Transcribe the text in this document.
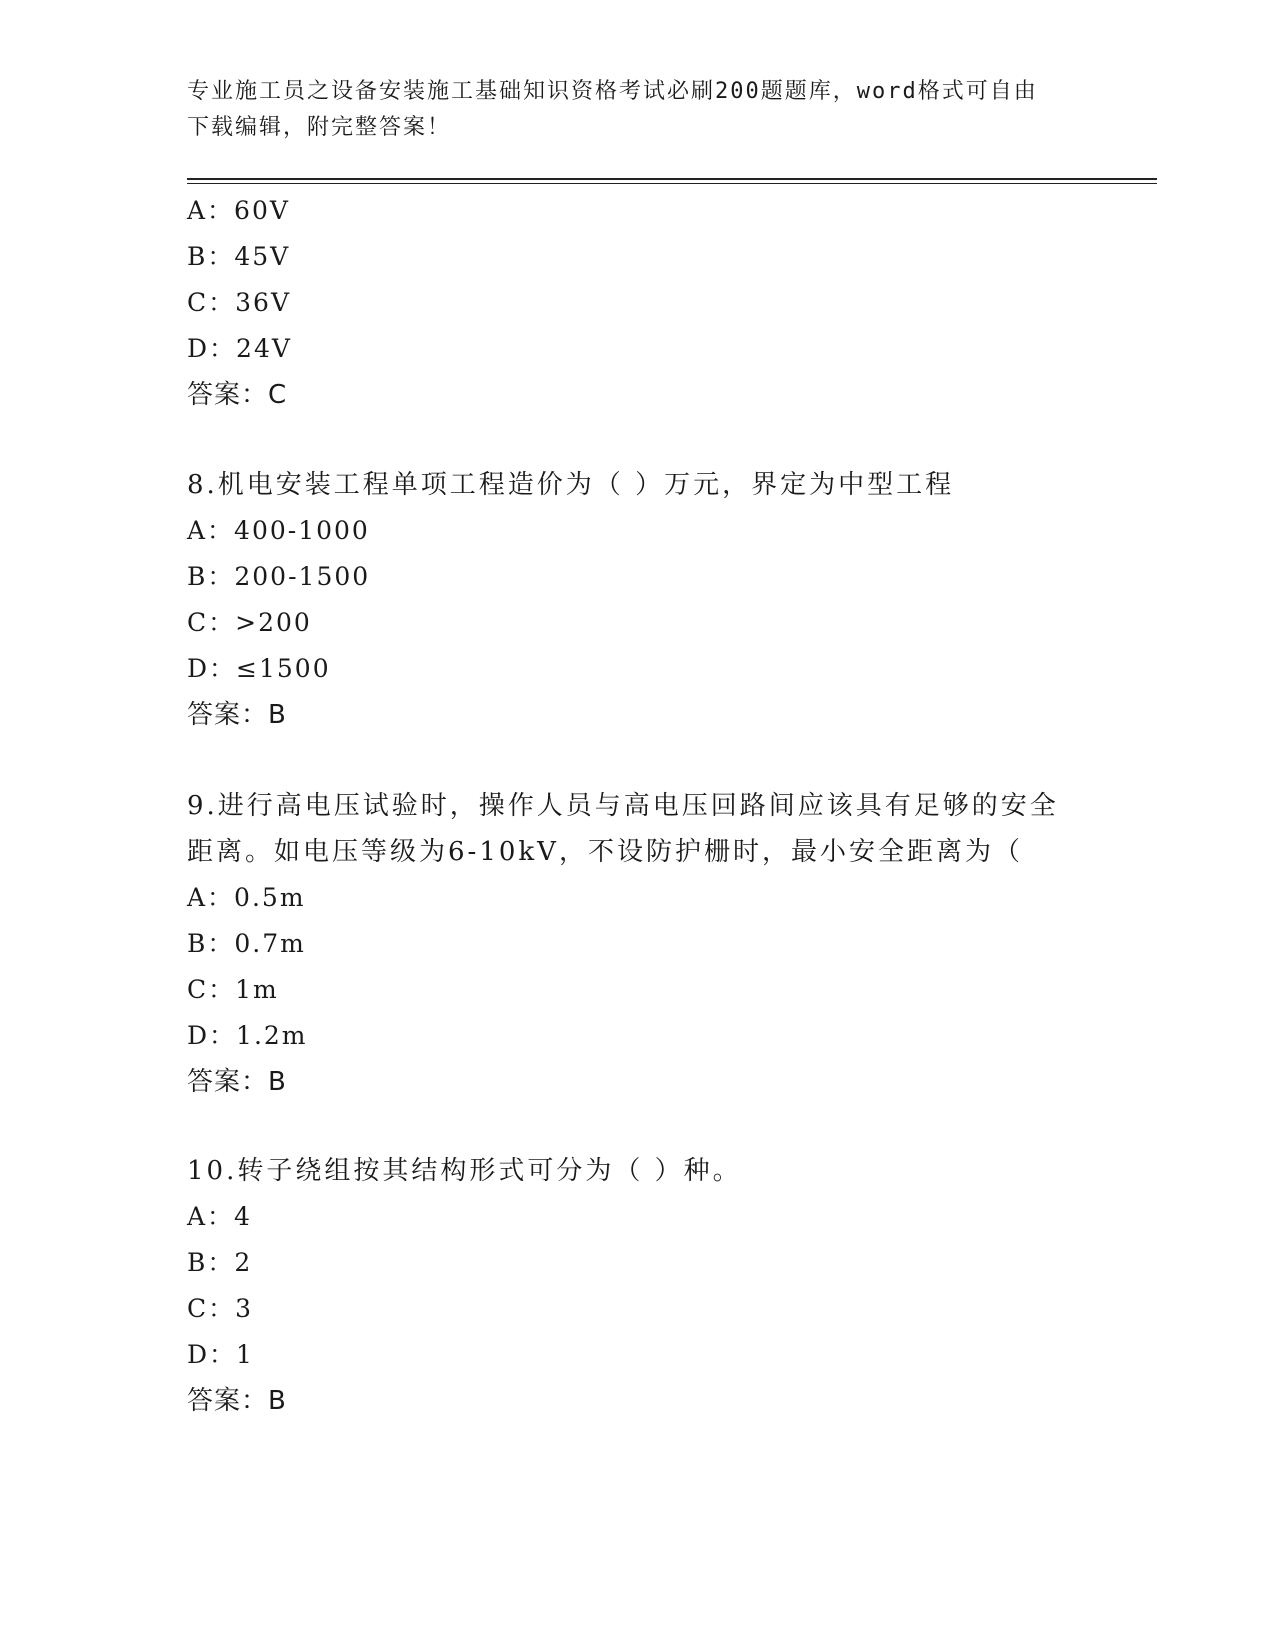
专业施工员之设备安装施工基础知识资格考试必刷200题题库，word格式可自由
下载编辑，附完整答案！
A：60V
B：45V
C：36V
D：24V
答案：C
8.机电安装工程单项工程造价为（ ）万元，界定为中型工程
A：400-1000
B：200-1500
C：>200
D：≤1500
答案：B
9.进行高电压试验时，操作人员与高电压回路间应该具有足够的安全
距离。如电压等级为6-10kV，不设防护栅时，最小安全距离为（
A：0.5m
B：0.7m
C：1m
D：1.2m
答案：B
10.转子绕组按其结构形式可分为（ ）种。
A：4
B：2
C：3
D：1
答案：B
